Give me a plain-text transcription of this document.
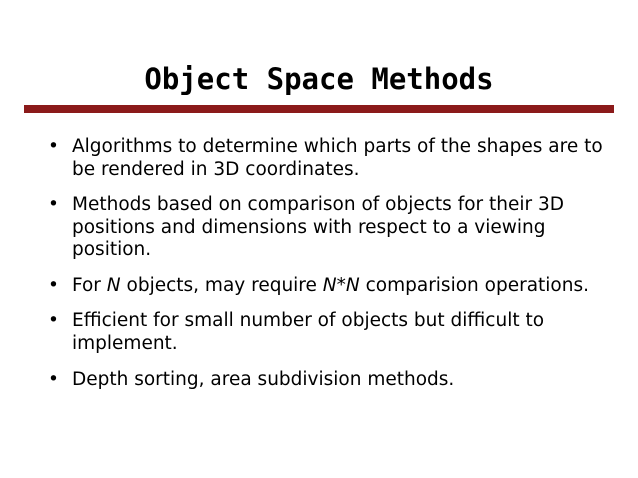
Object Space Methods
• Algorithms to determine which parts of the shapes are to be rendered in 3D coordinates.
• Methods based on comparison of objects for their 3D positions and dimensions with respect to a viewing position.
• For N objects, may require N*N comparision operations.
• Efficient for small number of objects but difficult to implement.
• Depth sorting, area subdivision methods.
